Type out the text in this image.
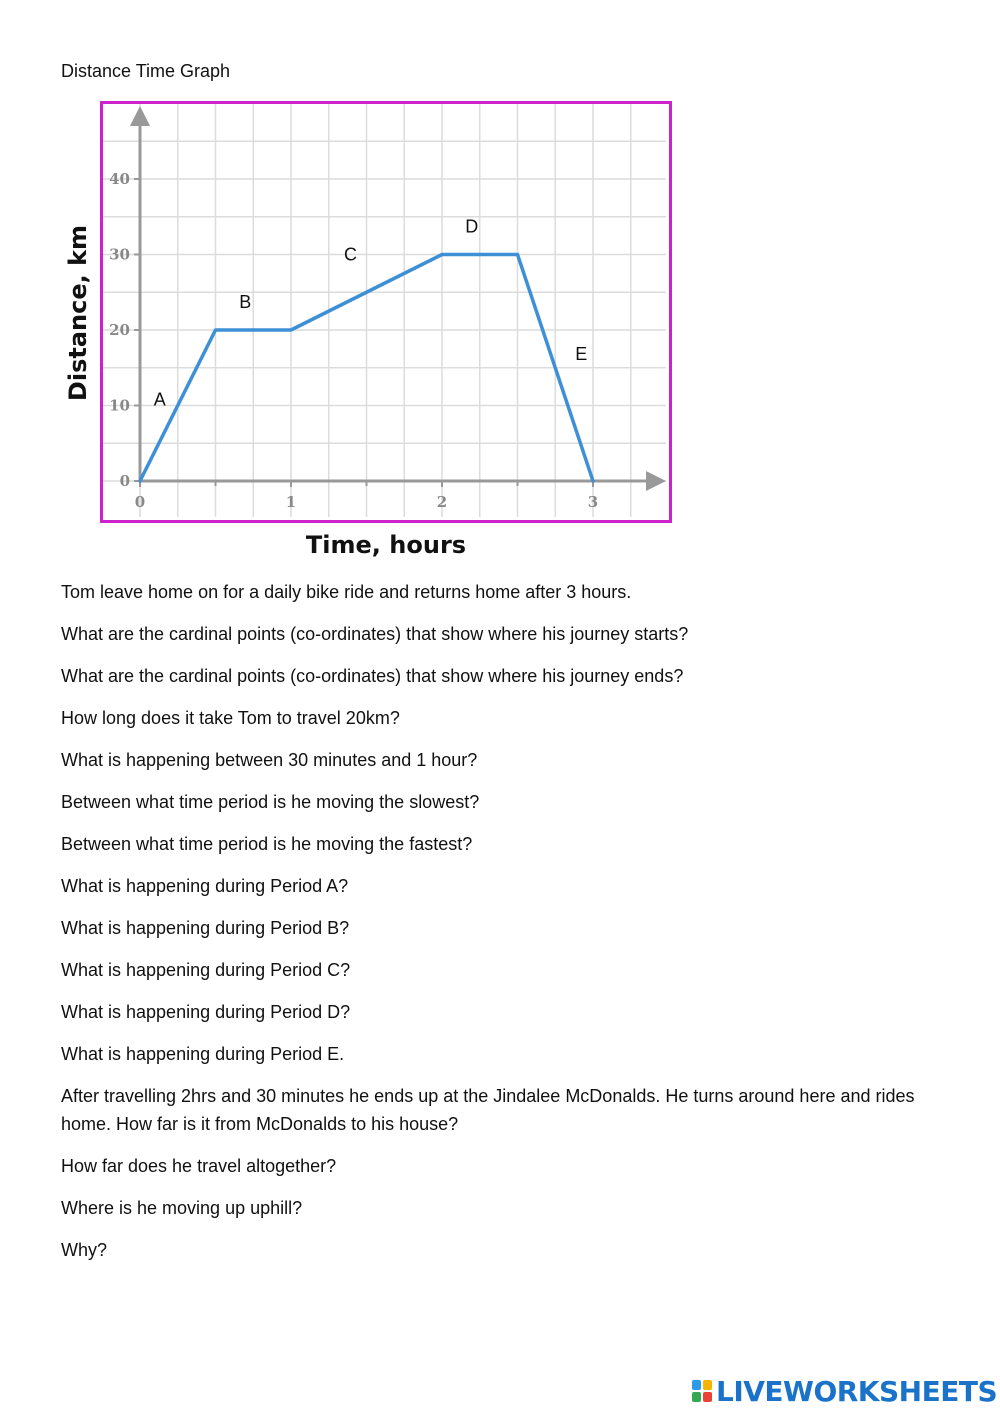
Distance Time Graph
0
10
20
30
40
0	1	2	3
A
B
C
D
E
Time, hours
Distance, km
Tom leave home on for a daily bike ride and returns home after 3 hours.
What are the cardinal points (co-ordinates) that show where his journey starts?
What are the cardinal points (co-ordinates) that show where his journey ends?
How long does it take Tom to travel 20km?
What is happening between 30 minutes and 1 hour?
Between what time period is he moving the slowest?
Between what time period is he moving the fastest?
What is happening during Period A?
What is happening during Period B?
What is happening during Period C?
What is happening during Period D?
What is happening during Period E.
After travelling 2hrs and 30 minutes he ends up at the Jindalee McDonalds. He turns around here and rides home. How far is it from McDonalds to his house?
How far does he travel altogether?
Where is he moving up uphill?
Why?
LIVEWORKSHEETS
